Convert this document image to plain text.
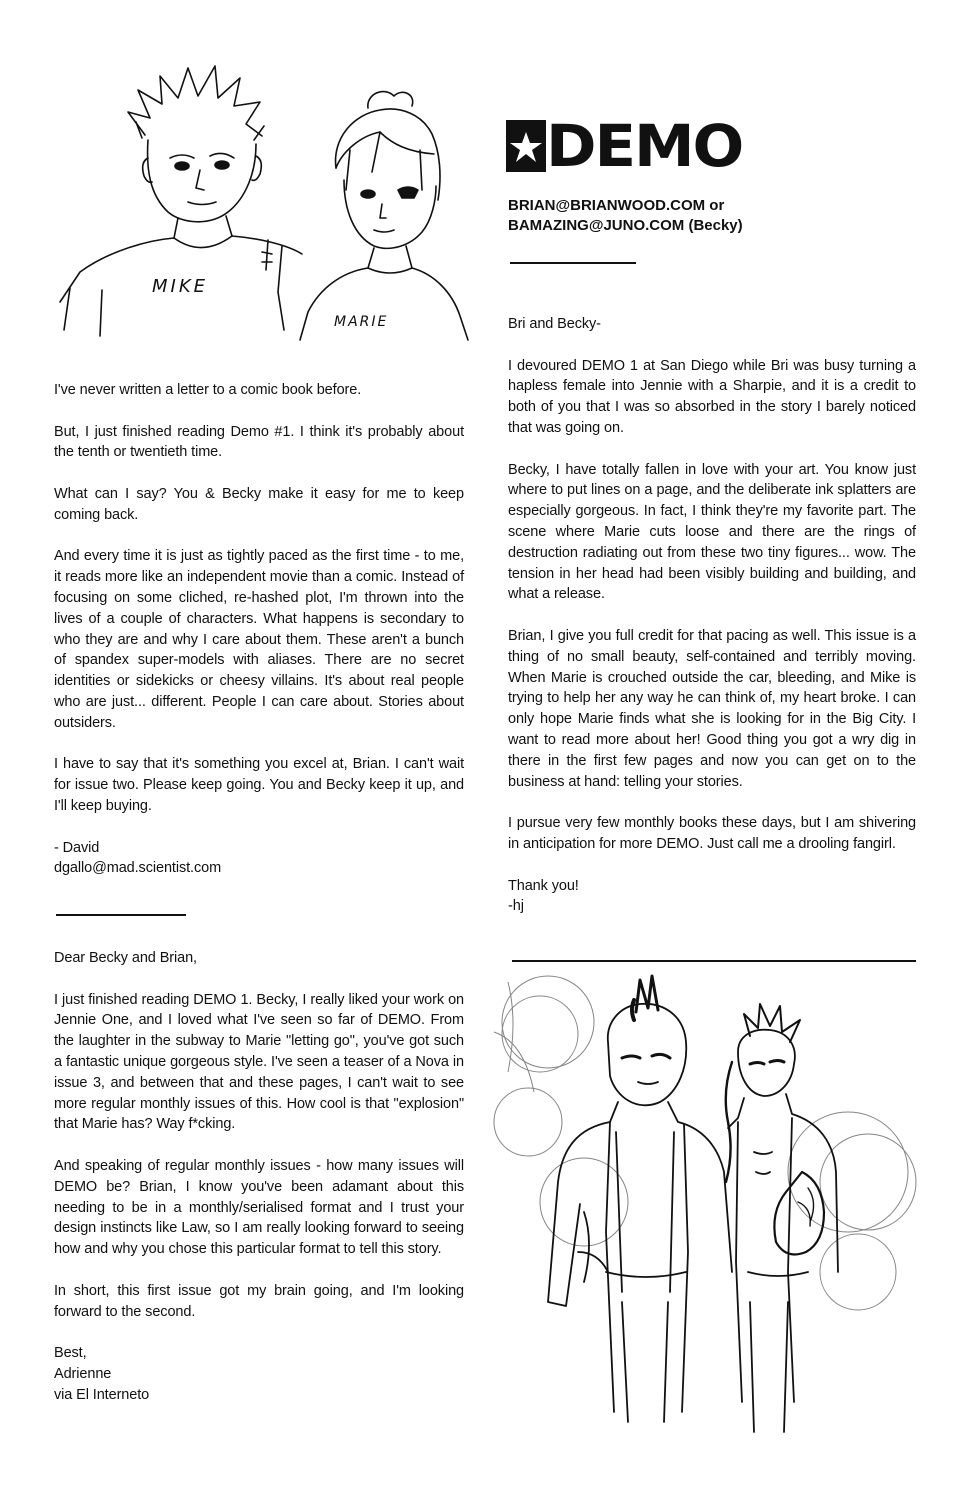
MIKE
MARIE
DEMO
BRIAN@BRIANWOOD.COM or
BAMAZING@JUNO.COM (Becky)

I've never written a letter to a comic book before.

But, I just finished reading Demo #1. I think it's probably about the tenth or twentieth time.

What can I say? You & Becky make it easy for me to keep coming back.

And every time it is just as tightly paced as the first time - to me, it reads more like an independent movie than a comic. Instead of focusing on some cliched, re-hashed plot, I'm thrown into the lives of a couple of characters. What happens is secondary to who they are and why I care about them. These aren't a bunch of spandex super-models with aliases. There are no secret identities or sidekicks or cheesy villains. It's about real people who are just... different. People I can care about. Stories about outsiders.

I have to say that it's something you excel at, Brian. I can't wait for issue two. Please keep going. You and Becky keep it up, and I'll keep buying.

- David
dgallo@mad.scientist.com

Dear Becky and Brian,

I just finished reading DEMO 1. Becky, I really liked your work on Jennie One, and I loved what I've seen so far of DEMO. From the laughter in the subway to Marie "letting go", you've got such a fantastic unique gorgeous style. I've seen a teaser of a Nova in issue 3, and between that and these pages, I can't wait to see more regular monthly issues of this. How cool is that "explosion" that Marie has? Way f*cking.

And speaking of regular monthly issues - how many issues will DEMO be? Brian, I know you've been adamant about this needing to be in a monthly/serialised format and I trust your design instincts like Law, so I am really looking forward to seeing how and why you chose this particular format to tell this story.

In short, this first issue got my brain going, and I'm looking forward to the second.

Best,
Adrienne
via El Interneto

Bri and Becky-

I devoured DEMO 1 at San Diego while Bri was busy turning a hapless female into Jennie with a Sharpie, and it is a credit to both of you that I was so absorbed in the story I barely noticed that was going on.

Becky, I have totally fallen in love with your art. You know just where to put lines on a page, and the deliberate ink splatters are especially gorgeous. In fact, I think they're my favorite part. The scene where Marie cuts loose and there are the rings of destruction radiating out from these two tiny figures... wow. The tension in her head had been visibly building and building, and what a release.

Brian, I give you full credit for that pacing as well. This issue is a thing of no small beauty, self-contained and terribly moving. When Marie is crouched outside the car, bleeding, and Mike is trying to help her any way he can think of, my heart broke. I can only hope Marie finds what she is looking for in the Big City. I want to read more about her! Good thing you got a wry dig in there in the first few pages and now you can get on to the business at hand: telling your stories.

I pursue very few monthly books these days, but I am shivering in anticipation for more DEMO. Just call me a drooling fangirl.

Thank you!
-hj
